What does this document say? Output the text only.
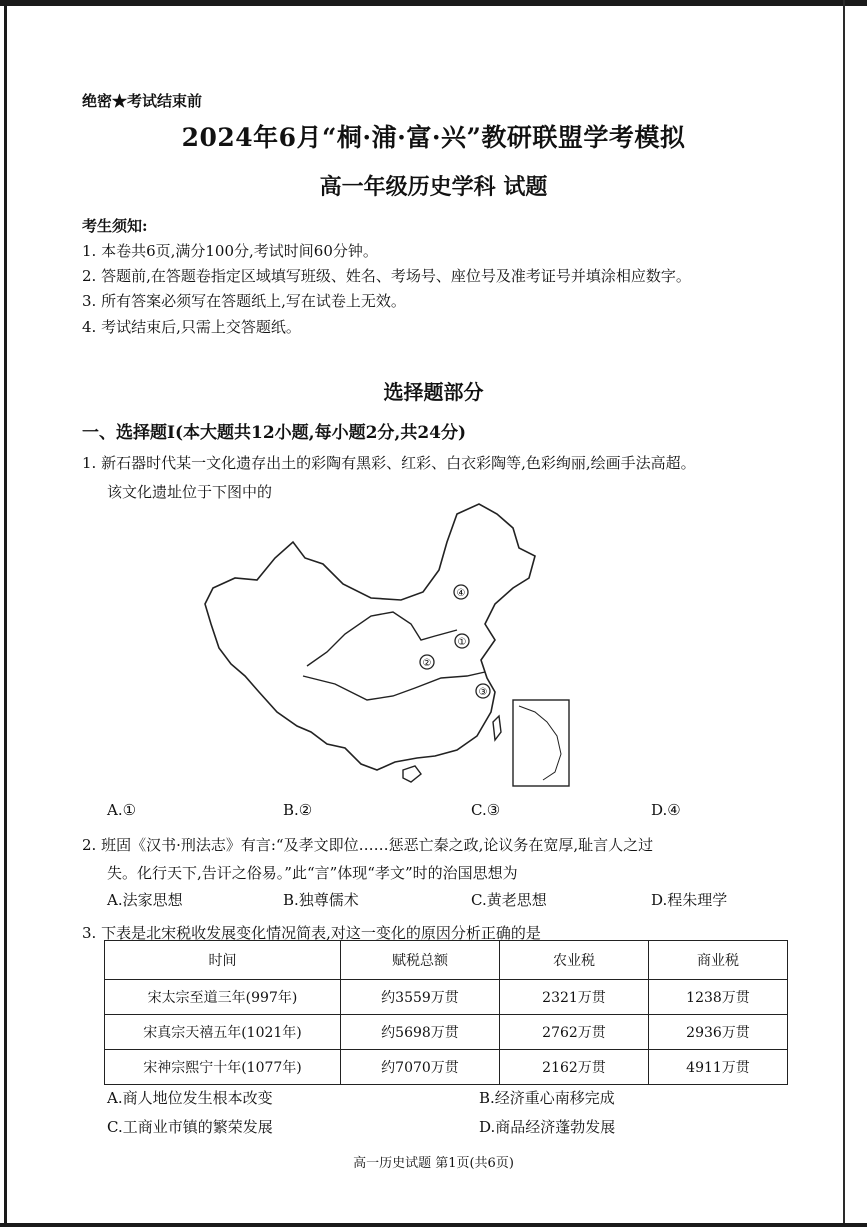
绝密★考试结束前
2024年6月“桐·浦·富·兴”教研联盟学考模拟
高一年级历史学科 试题
考生须知:
1. 本卷共6页,满分100分,考试时间60分钟。
2. 答题前,在答题卷指定区域填写班级、姓名、考场号、座位号及准考证号并填涂相应数字。
3. 所有答案必须写在答题纸上,写在试卷上无效。
4. 考试结束后,只需上交答题纸。
选择题部分
一、选择题Ⅰ(本大题共12小题,每小题2分,共24分)
1. 新石器时代某一文化遗存出土的彩陶有黑彩、红彩、白衣彩陶等,色彩绚丽,绘画手法高超。
该文化遗址位于下图中的
④
①
②
③
A.①	B.②	C.③	D.④
2. 班固《汉书·刑法志》有言:“及孝文即位……惩恶亡秦之政,论议务在宽厚,耻言人之过
失。化行天下,告讦之俗易。”此“言”体现“孝文”时的治国思想为
A.法家思想	B.独尊儒术	C.黄老思想	D.程朱理学
3. 下表是北宋税收发展变化情况简表,对这一变化的原因分析正确的是
时间	赋税总额	农业税	商业税
宋太宗至道三年(997年)	约3559万贯	2321万贯	1238万贯
宋真宗天禧五年(1021年)	约5698万贯	2762万贯	2936万贯
宋神宗熙宁十年(1077年)	约7070万贯	2162万贯	4911万贯
A.商人地位发生根本改变	B.经济重心南移完成
C.工商业市镇的繁荣发展	D.商品经济蓬勃发展
高一历史试题 第1页(共6页)
